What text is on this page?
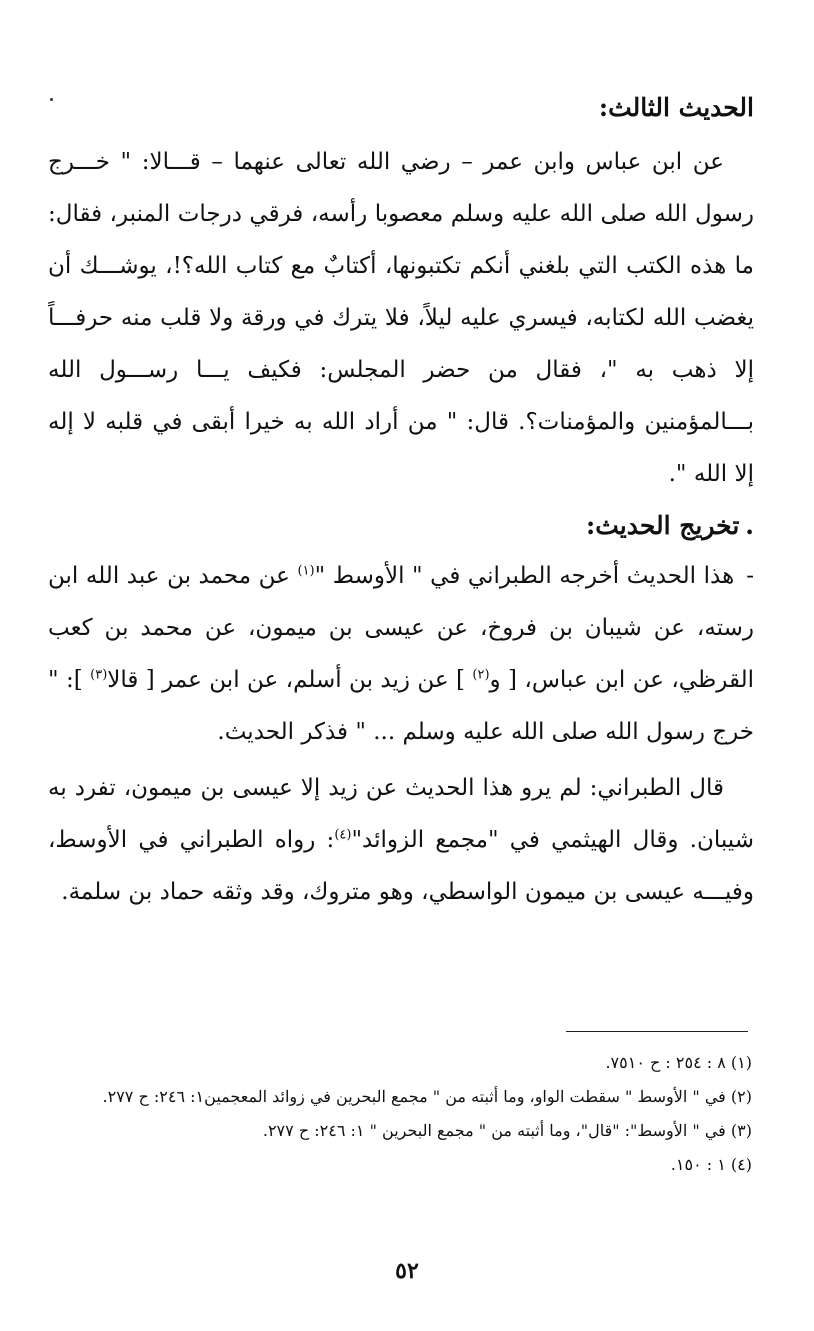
الحديث الثالث:

عن ابن عباس وابن عمر – رضي الله تعالى عنهما – قـــالا: " خـــرج رسول الله صلى الله عليه وسلم معصوبا رأسه، فرقي درجات المنبر، فقال: ما هذه الكتب التي بلغني أنكم تكتبونها، أكتابٌ مع كتاب الله؟!، يوشـــك أن يغضب الله لكتابه، فيسري عليه ليلاً، فلا يترك في ورقة ولا قلب منه حرفـــاً إلا ذهب به "، فقال من حضر المجلس: فكيف يـــا رســـول الله بـــالمؤمنين والمؤمنات؟. قال: " من أراد الله به خيرا أبقى في قلبه لا إله إلا الله ".

.تخريج الحديث:

-هذا الحديث أخرجه الطبراني في " الأوسط "$^{(١)}$ عن محمد بن عبد الله ابن رسته، عن شيبان بن فروخ، عن عيسى بن ميمون، عن محمد بن كعب القرظي، عن ابن عباس، [ و$^{(٢)}$ ] عن زيد بن أسلم، عن ابن عمر [ قالا$^{(٣)}$ ]: " خرج رسول الله صلى الله عليه وسلم ... " فذكر الحديث.

قال الطبراني: لم يرو هذا الحديث عن زيد إلا عيسى بن ميمون، تفرد به شيبان. وقال الهيثمي في "مجمع الزوائد"$^{(٤)}$: رواه الطبراني في الأوسط، وفيـــه عيسى بن ميمون الواسطي، وهو متروك، وقد وثقه حماد بن سلمة.

(١) ٨ : ٢٥٤ : ح ٧٥١٠.

(٢) في " الأوسط " سقطت الواو، وما أثبته من " مجمع البحرين في زوائد المعجمين١: ٢٤٦: ح ٢٧٧.

(٣) في " الأوسط": "قال"، وما أثبته من " مجمع البحرين " ١: ٢٤٦: ح ٢٧٧.

(٤) ١ : ١٥٠.

٥٢
